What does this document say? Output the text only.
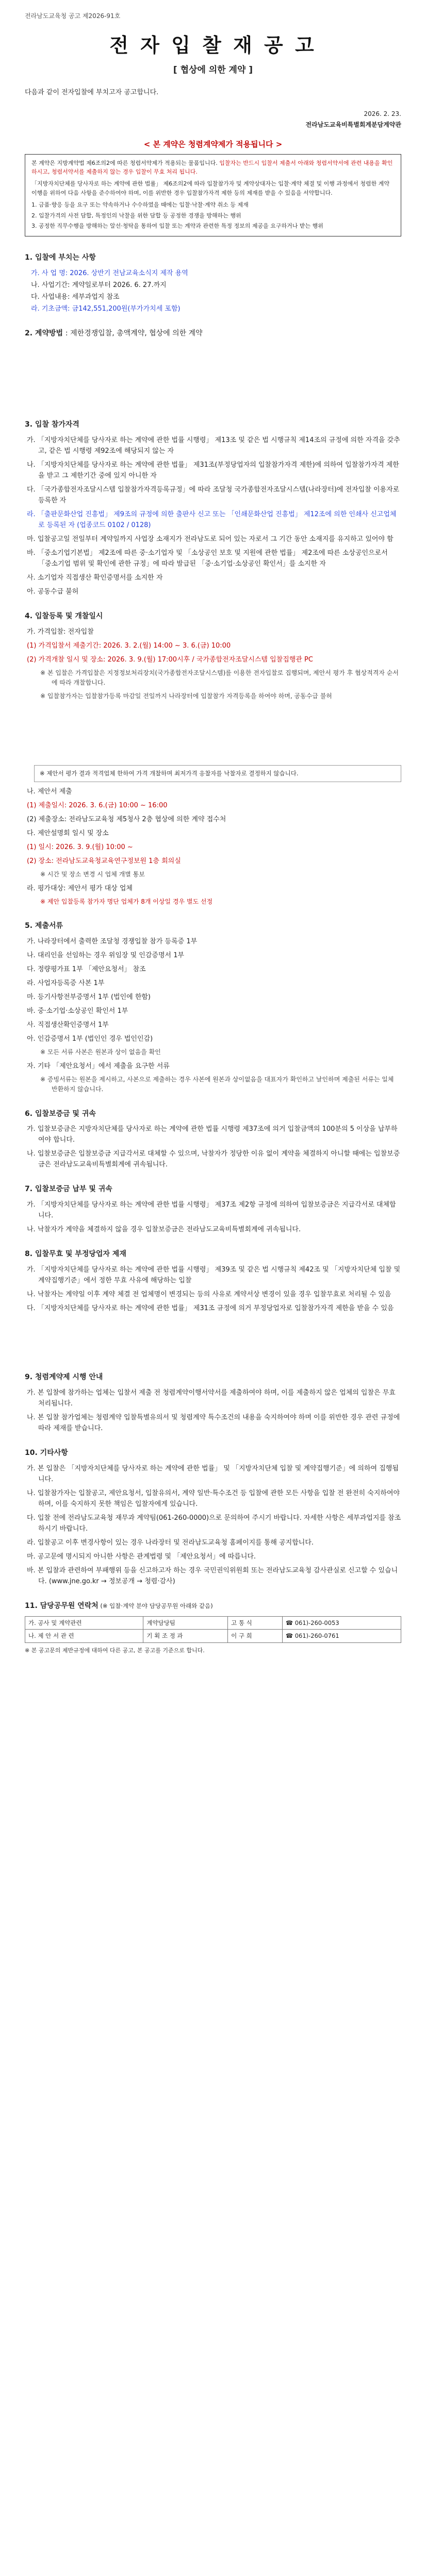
전라남도교육청 공고 제2026-91호
전 자 입 찰 재 공 고
[ 협상에 의한 계약 ]
다음과 같이 전자입찰에 부치고자 공고합니다.
2026. 2. 23.
전라남도교육비특별회계분담계약관
< 본 계약은 청렴계약제가 적용됩니다 >

본 계약은 지방계약법 제6조의2에 따른 청렴서약제가 적용되는 물품입니다. 입찰자는 반드시 입찰서 제출서 아래와 청렴서약서에 관련 내용을 확인하시고, 청렴서약서를 제출하지 않는 경우 입찰이 무효 처리 됩니다.

「지방자치단체를 당사자로 하는 계약에 관한 법률」 제6조의2에 따라 입찰참가자 및 계약상대자는 입찰·계약 체결 및 이행 과정에서 청렴한 계약 이행을 위하여 다음 사항을 준수하여야 하며, 이를 위반한 경우 입찰참가자격 제한 등의 제재를 받을 수 있음을 서약합니다.

1. 금품·향응 등을 요구 또는 약속하거나 수수하였을 때에는 입찰·낙찰·계약 취소 등 제재
2. 입찰가격의 사전 담합, 특정인의 낙찰을 위한 담합 등 공정한 경쟁을 방해하는 행위
3. 공정한 직무수행을 방해하는 알선·청탁을 통하여 입찰 또는 계약과 관련한 특정 정보의 제공을 요구하거나 받는 행위
1. 입찰에 부치는 사항
가. 사 업 명: 2026. 상반기 전남교육소식지 제작 용역
나. 사업기간: 계약일로부터 2026. 6. 27.까지
다. 사업내용: 세부과업지 참조
라. 기초금액: 금142,551,200원(부가가치세 포함)
2. 계약방법 : 제한경쟁입찰, 총액계약, 협상에 의한 계약
3. 입찰 참가자격
가. 「지방자치단체를 당사자로 하는 계약에 관한 법률 시행령」 제13조 및 같은 법 시행규칙 제14조의 규정에 의한 자격을 갖추고, 같은 법 시행령 제92조에 해당되지 않는 자
나. 「지방자치단체를 당사자로 하는 계약에 관한 법률」 제31조(부정당업자의 입찰참가자격 제한)에 의하여 입찰참가자격 제한을 받고 그 제한기간 중에 있지 아니한 자
다. 「국가종합전자조달시스템 입찰참가자격등록규정」에 따라 조달청 국가종합전자조달시스템(나라장터)에 전자입찰 이용자로 등록한 자
라. 「출판문화산업 진흥법」 제9조의 규정에 의한 출판사 신고 또는 「인쇄문화산업 진흥법」 제12조에 의한 인쇄사 신고업체로 등록된 자 (업종코드 0102 / 0128)
마. 입찰공고일 전일부터 계약일까지 사업장 소재지가 전라남도로 되어 있는 자로서 그 기간 동안 소재지를 유지하고 있어야 함
바. 「중소기업기본법」 제2조에 따른 중·소기업자 및 「소상공인 보호 및 지원에 관한 법률」 제2조에 따른 소상공인으로서 「중소기업 범위 및 확인에 관한 규정」에 따라 발급된 「중·소기업·소상공인 확인서」를 소지한 자
사. 소기업자 직접생산 확인증명서를 소지한 자
아. 공동수급 불허
4. 입찰등록 및 개찰일시
가. 가격입찰: 전자입찰
(1) 가격입찰서 제출기간: 2026. 3. 2.(월) 14:00 ~ 3. 6.(금) 10:00
(2) 가격개찰 일시 및 장소: 2026. 3. 9.(월) 17:00시후 / 국가종합전자조달시스템 입찰집행관 PC
※ 본 입찰은 가격입찰은 지정정보처리장치(국가종합전자조달시스템)를 이용한 전자입찰로 집행되며, 제안서 평가 후 협상적격자 순서에 따라 개찰합니다.
※ 입찰참가자는 입찰참가등록 마감일 전일까지 나라장터에 입찰참가 자격등록을 하여야 하며, 공동수급 불허
※ 제안서 평가 결과 적격업체 한하여 가격 개찰하며 최저가격 응찰자를 낙찰자로 결정하지 않습니다.
나. 제안서 제출
(1) 제출일시: 2026. 3. 6.(금) 10:00 ~ 16:00
(2) 제출장소: 전라남도교육청 제5청사 2층 협상에 의한 계약 접수처
다. 제안설명회 일시 및 장소
(1) 일시: 2026. 3. 9.(월) 10:00 ~
(2) 장소: 전라남도교육청교육연구정보원 1층 회의실
※ 시간 및 장소 변경 시 업체 개별 통보
라. 평가대상: 제안서 평가 대상 업체
※ 제안 입찰등록 참가자 명단 업체가 8개 이상일 경우 별도 선정
5. 제출서류
가. 나라장터에서 출력한 조달청 경쟁입찰 참가 등록증 1부
나. 대리인을 선임하는 경우 위임장 및 인감증명서 1부
다. 정량평가표 1부 「제안요청서」 참조
라. 사업자등록증 사본 1부
마. 등기사항전부증명서 1부 (법인에 한함)
바. 중·소기업·소상공인 확인서 1부
사. 직접생산확인증명서 1부
아. 인감증명서 1부 (법인인 경우 법인인감)
※ 모든 서류 사본은 원본과 상이 없음을 확인
자. 기타 「제안요청서」에서 제출을 요구한 서류
※ 증빙서류는 원본을 제시하고, 사본으로 제출하는 경우 사본에 원본과 상이없음을 대표자가 확인하고 날인하며 제출된 서류는 일체 반환하지 않습니다.
6. 입찰보증금 및 귀속
가. 입찰보증금은 지방자치단체를 당사자로 하는 계약에 관한 법률 시행령 제37조에 의거 입찰금액의 100분의 5 이상을 납부하여야 합니다.
나. 입찰보증금은 입찰보증금 지급각서로 대체할 수 있으며, 낙찰자가 정당한 이유 없이 계약을 체결하지 아니할 때에는 입찰보증금은 전라남도교육비특별회계에 귀속됩니다.
7. 입찰보증금 납부 및 귀속
가. 「지방자치단체를 당사자로 하는 계약에 관한 법률 시행령」 제37조 제2항 규정에 의하여 입찰보증금은 지급각서로 대체합니다.
나. 낙찰자가 계약을 체결하지 않을 경우 입찰보증금은 전라남도교육비특별회계에 귀속됩니다.
8. 입찰무효 및 부정당업자 제재
가. 「지방자치단체를 당사자로 하는 계약에 관한 법률 시행령」 제39조 및 같은 법 시행규칙 제42조 및 「지방자치단체 입찰 및 계약집행기준」에서 정한 무효 사유에 해당하는 입찰
나. 낙찰자는 계약일 이후 계약 체결 전 업체명이 변경되는 등의 사유로 계약서상 변경이 있을 경우 입찰무효로 처리될 수 있음
다. 「지방자치단체를 당사자로 하는 계약에 관한 법률」 제31조 규정에 의거 부정당업자로 입찰참가자격 제한을 받을 수 있음
9. 청렴계약제 시행 안내
가. 본 입찰에 참가하는 업체는 입찰서 제출 전 청렴계약이행서약서를 제출하여야 하며, 이를 제출하지 않은 업체의 입찰은 무효 처리됩니다.
나. 본 입찰 참가업체는 청렴계약 입찰특별유의서 및 청렴계약 특수조건의 내용을 숙지하여야 하며 이를 위반한 경우 관련 규정에 따라 제재를 받습니다.
10. 기타사항
가. 본 입찰은 「지방자치단체를 당사자로 하는 계약에 관한 법률」 및 「지방자치단체 입찰 및 계약집행기준」에 의하여 집행됩니다.
나. 입찰참가자는 입찰공고, 제안요청서, 입찰유의서, 계약 일반·특수조건 등 입찰에 관한 모든 사항을 입찰 전 완전히 숙지하여야 하며, 이를 숙지하지 못한 책임은 입찰자에게 있습니다.
다. 입찰 전에 전라남도교육청 재무과 계약팀(061-260-0000)으로 문의하여 주시기 바랍니다. 자세한 사항은 세부과업지를 참조하시기 바랍니다.
라. 입찰공고 이후 변경사항이 있는 경우 나라장터 및 전라남도교육청 홈페이지를 통해 공지합니다.
마. 공고문에 명시되지 아니한 사항은 관계법령 및 「제안요청서」에 따릅니다.
바. 본 입찰과 관련하여 부패행위 등을 신고하고자 하는 경우 국민권익위원회 또는 전라남도교육청 감사관실로 신고할 수 있습니다. (www.jne.go.kr → 정보공개 → 청렴·감사)
11. 담당공무원 연락처 (※ 입찰·계약 분야 담당공무원 아래와 같음)
가. 공사 및 계약관련	계약담당팀	고 통 식	☎ 061)-260-0053
나. 제 안 서 관 련	기 획 조 정 과	이 구 희	☎ 061)-260-0761
※ 본 공고문의 제반규정에 대하여 다른 공고, 본 공고를 기준으로 합니다.
